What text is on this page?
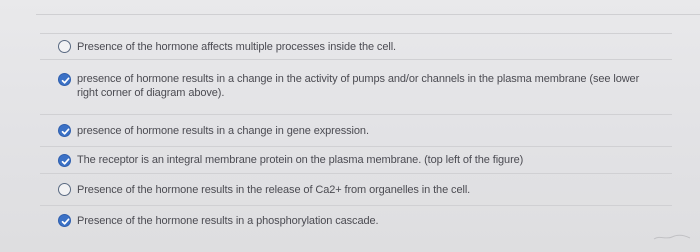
Presence of the hormone affects multiple processes inside the cell.
presence of hormone results in a change in the activity of pumps and/or channels in the plasma membrane (see lower right corner of diagram above).
presence of hormone results in a change in gene expression.
The receptor is an integral membrane protein on the plasma membrane. (top left of the figure)
Presence of the hormone results in the release of Ca2+ from organelles in the cell.
Presence of the hormone results in a phosphorylation cascade.
